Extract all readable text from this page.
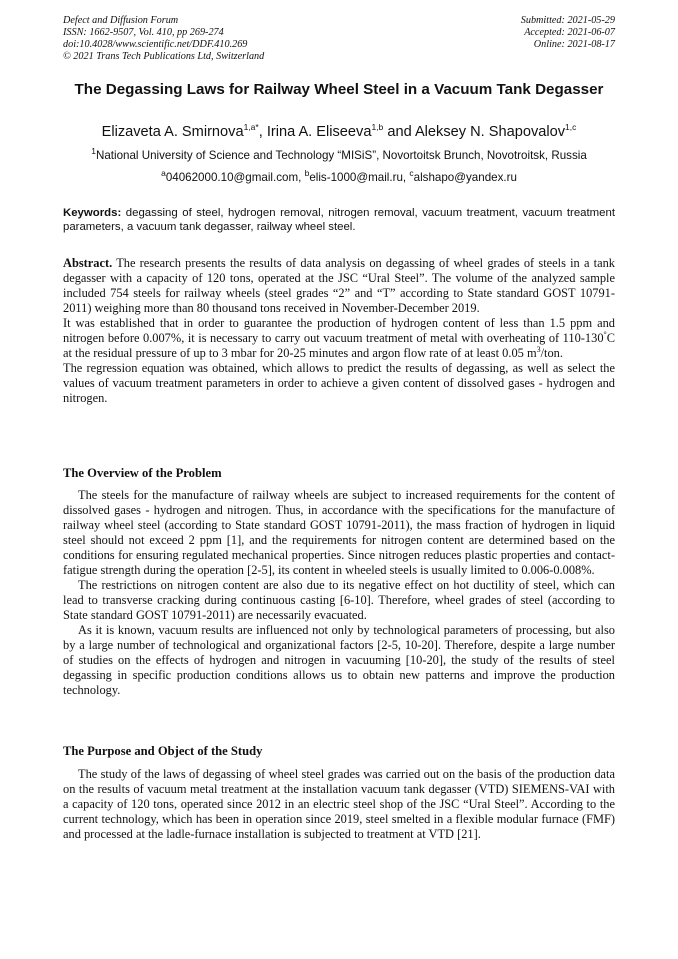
Defect and Diffusion Forum
ISSN: 1662-9507, Vol. 410, pp 269-274
doi:10.4028/www.scientific.net/DDF.410.269
© 2021 Trans Tech Publications Ltd, Switzerland
Submitted: 2021-05-29
Accepted: 2021-06-07
Online: 2021-08-17
The Degassing Laws for Railway Wheel Steel in a Vacuum Tank Degasser
Elizaveta A. Smirnova$^{1,a*}$, Irina A. Eliseeva$^{1,b}$ and Aleksey N. Shapovalov$^{1,c}$
$^1$National University of Science and Technology “MISiS”, Novortoitsk Brunch, Novotroitsk, Russia
$^a$04062000.10@gmail.com, $^b$elis-1000@mail.ru, $^c$alshapo@yandex.ru
Keywords: degassing of steel, hydrogen removal, nitrogen removal, vacuum treatment, vacuum treatment parameters, a vacuum tank degasser, railway wheel steel.

Abstract. The research presents the results of data analysis on degassing of wheel grades of steels in a tank degasser with a capacity of 120 tons, operated at the JSC “Ural Steel”. The volume of the analyzed sample included 754 steels for railway wheels (steel grades “2” and “T” according to State standard GOST 10791-2011) weighing more than 80 thousand tons received in November-December 2019.

It was established that in order to guarantee the production of hydrogen content of less than 1.5 ppm and nitrogen before 0.007%, it is necessary to carry out vacuum treatment of metal with overheating of 110-130°C at the residual pressure of up to 3 mbar for 20-25 minutes and argon flow rate of at least 0.05 $m^3$/ton.

The regression equation was obtained, which allows to predict the results of degassing, as well as select the values of vacuum treatment parameters in order to achieve a given content of dissolved gases - hydrogen and nitrogen.

The Overview of the Problem

The steels for the manufacture of railway wheels are subject to increased requirements for the content of dissolved gases - hydrogen and nitrogen. Thus, in accordance with the specifications for the manufacture of railway wheel steel (according to State standard GOST 10791-2011), the mass fraction of hydrogen in liquid steel should not exceed 2 ppm [1], and the requirements for nitrogen content are determined based on the conditions for ensuring regulated mechanical properties. Since nitrogen reduces plastic properties and contact-fatigue strength during the operation [2-5], its content in wheeled steels is usually limited to 0.006-0.008%.

The restrictions on nitrogen content are also due to its negative effect on hot ductility of steel, which can lead to transverse cracking during continuous casting [6-10]. Therefore, wheel grades of steel (according to State standard GOST 10791-2011) are necessarily evacuated.

As it is known, vacuum results are influenced not only by technological parameters of processing, but also by a large number of technological and organizational factors [2-5, 10-20]. Therefore, despite a large number of studies on the effects of hydrogen and nitrogen in vacuuming [10-20], the study of the results of steel degassing in specific production conditions allows us to obtain new patterns and improve the production technology.

The Purpose and Object of the Study

The study of the laws of degassing of wheel steel grades was carried out on the basis of the production data on the results of vacuum metal treatment at the installation vacuum tank degasser (VTD) SIEMENS-VAI with a capacity of 120 tons, operated since 2012 in an electric steel shop of the JSC “Ural Steel”. According to the current technology, which has been in operation since 2019, steel smelted in a flexible modular furnace (FMF) and processed at the ladle-furnace installation is subjected to treatment at VTD [21].
